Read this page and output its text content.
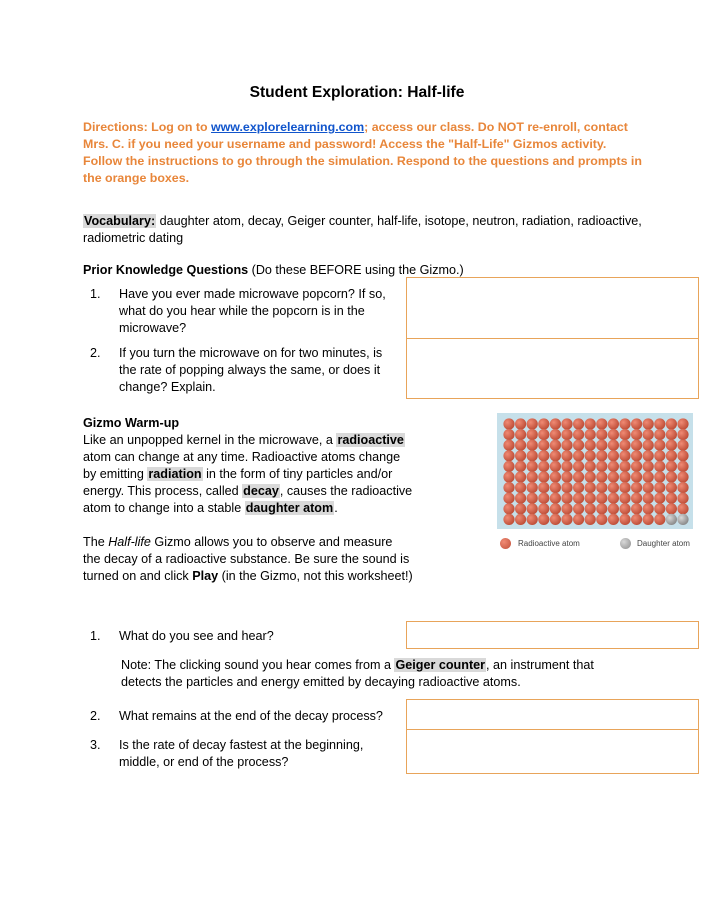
Student Exploration: Half-life
Directions: Log on to www.explorelearning.com; access our class. Do NOT re-enroll, contact Mrs. C. if you need your username and password! Access the "Half-Life" Gizmos activity. Follow the instructions to go through the simulation. Respond to the questions and prompts in the orange boxes.
Vocabulary: daughter atom, decay, Geiger counter, half-life, isotope, neutron, radiation, radioactive, radiometric dating
Prior Knowledge Questions (Do these BEFORE using the Gizmo.)
1. Have you ever made microwave popcorn? If so, what do you hear while the popcorn is in the microwave?
2. If you turn the microwave on for two minutes, is the rate of popping always the same, or does it change? Explain.

Gizmo Warm-up

Like an unpopped kernel in the microwave, a radioactive atom can change at any time. Radioactive atoms change by emitting radiation in the form of tiny particles and/or energy. This process, called decay, causes the radioactive atom to change into a stable daughter atom.

The Half-life Gizmo allows you to observe and measure the decay of a radioactive substance. Be sure the sound is turned on and click Play (in the Gizmo, not this worksheet!)

Radioactive atom	Daughter atom
1. What do you see and hear?
Note: The clicking sound you hear comes from a Geiger counter, an instrument that detects the particles and energy emitted by decaying radioactive atoms.
2. What remains at the end of the decay process?
3. Is the rate of decay fastest at the beginning, middle, or end of the process?
